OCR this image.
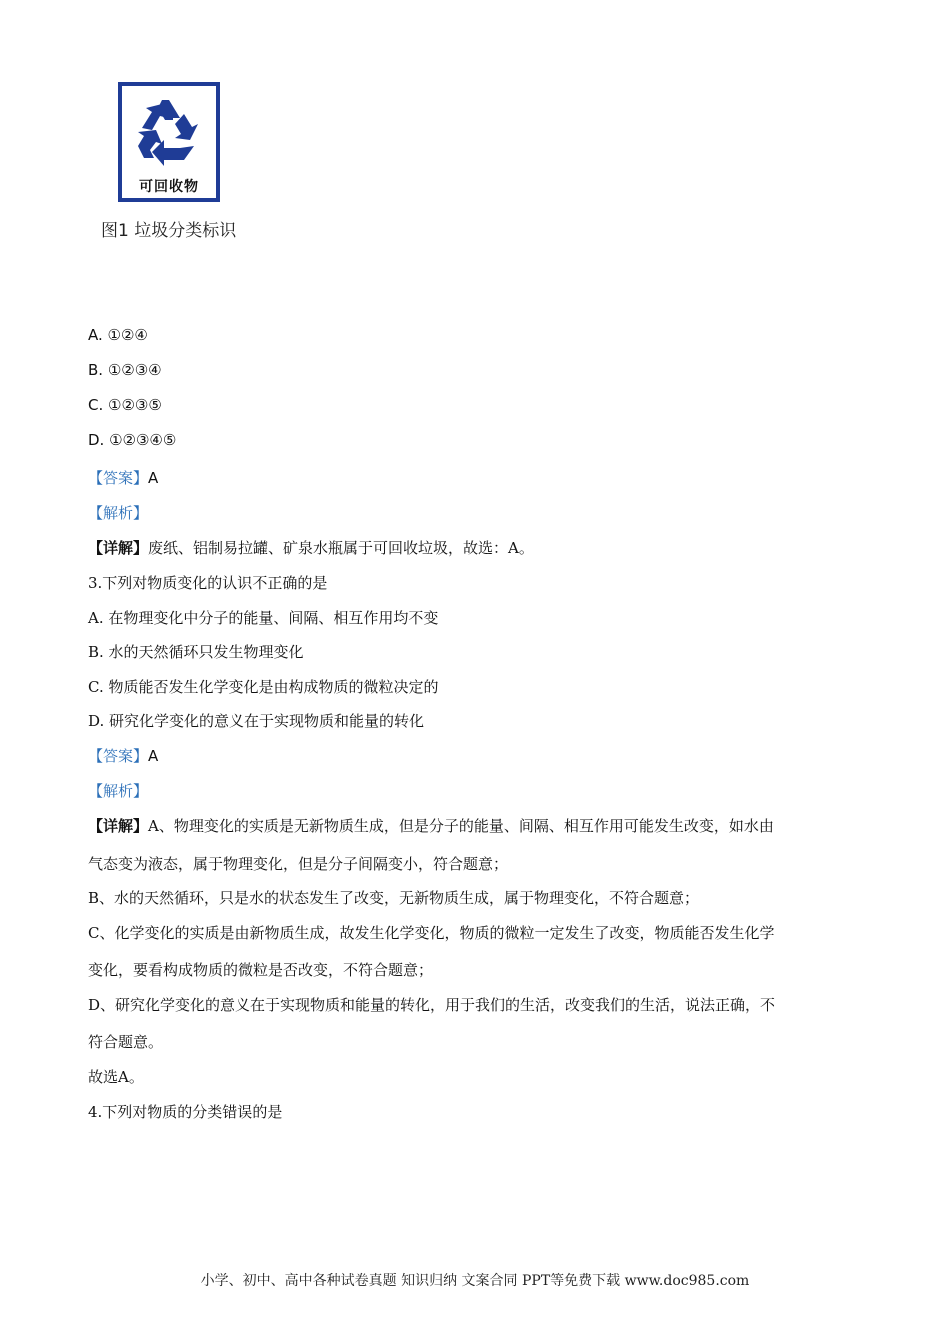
可回收物
图1 垃圾分类标识
A. ①②④
B. ①②③④
C. ①②③⑤
D. ①②③④⑤
【答案】A
【解析】
【详解】废纸、铝制易拉罐、矿泉水瓶属于可回收垃圾，故选：A。
3.下列对物质变化的认识不正确的是
A. 在物理变化中分子的能量、间隔、相互作用均不变
B. 水的天然循环只发生物理变化
C. 物质能否发生化学变化是由构成物质的微粒决定的
D. 研究化学变化的意义在于实现物质和能量的转化
【答案】A
【解析】
【详解】A、物理变化的实质是无新物质生成，但是分子的能量、间隔、相互作用可能发生改变，如水由
气态变为液态，属于物理变化，但是分子间隔变小，符合题意；
B、水的天然循环，只是水的状态发生了改变，无新物质生成，属于物理变化，不符合题意；
C、化学变化的实质是由新物质生成，故发生化学变化，物质的微粒一定发生了改变，物质能否发生化学
变化，要看构成物质的微粒是否改变，不符合题意；
D、研究化学变化的意义在于实现物质和能量的转化，用于我们的生活，改变我们的生活，说法正确，不
符合题意。
故选A。
4.下列对物质的分类错误的是
小学、初中、高中各种试卷真题 知识归纳 文案合同 PPT等免费下载 www.doc985.com
